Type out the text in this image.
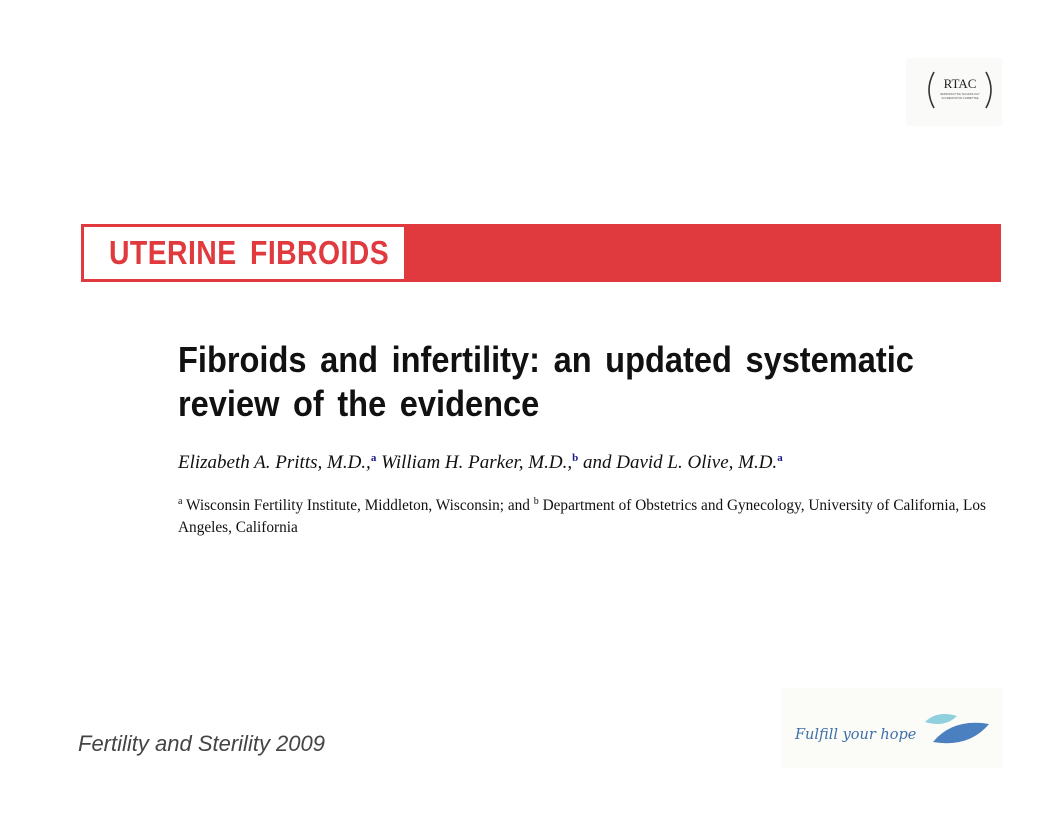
RTAC
REPRODUCTIVE TECHNOLOGY
ACCREDITATION COMMITTEE
UTERINE FIBROIDS
Fibroids and infertility: an updated systematic review of the evidence
Elizabeth A. Pritts, M.D.,$^a$ William H. Parker, M.D.,$^b$ and David L. Olive, M.D.$^a$
$^a$ Wisconsin Fertility Institute, Middleton, Wisconsin; and $^b$ Department of Obstetrics and Gynecology, University of California, Los Angeles, California
Fertility and Sterility 2009	Fulfill your hope
